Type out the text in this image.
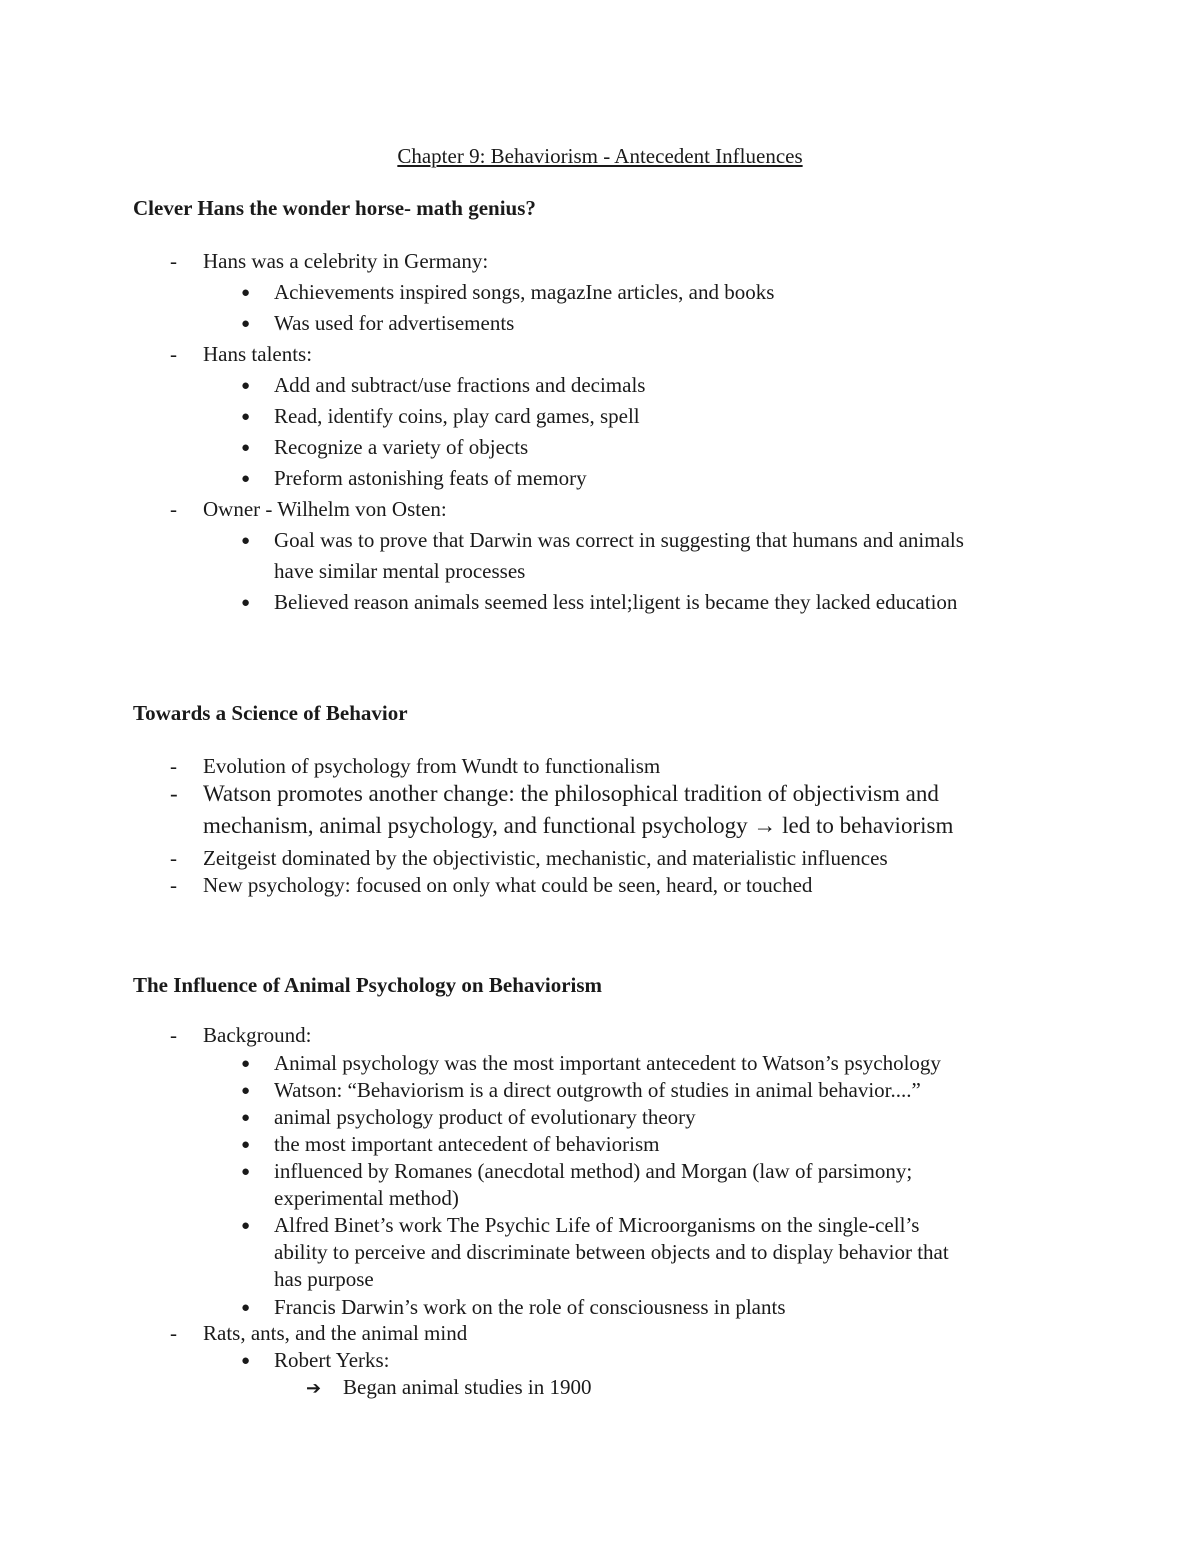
Chapter 9: Behaviorism - Antecedent Influences
Clever Hans the wonder horse- math genius?
- Hans was a celebrity in Germany:
● Achievements inspired songs, magazIne articles, and books
● Was used for advertisements
- Hans talents:
● Add and subtract/use fractions and decimals
● Read, identify coins, play card games, spell
● Recognize a variety of objects
● Preform astonishing feats of memory
- Owner - Wilhelm von Osten:
● Goal was to prove that Darwin was correct in suggesting that humans and animals
have similar mental processes
● Believed reason animals seemed less intel;ligent is became they lacked education
Towards a Science of Behavior
- Evolution of psychology from Wundt to functionalism
- Watson promotes another change: the philosophical tradition of objectivism and
mechanism, animal psychology, and functional psychology → led to behaviorism
- Zeitgeist dominated by the objectivistic, mechanistic, and materialistic influences
- New psychology: focused on only what could be seen, heard, or touched
The Influence of Animal Psychology on Behaviorism
- Background:
● Animal psychology was the most important antecedent to Watson’s psychology
● Watson: “Behaviorism is a direct outgrowth of studies in animal behavior....”
● animal psychology product of evolutionary theory
● the most important antecedent of behaviorism
● influenced by Romanes (anecdotal method) and Morgan (law of parsimony;
experimental method)
● Alfred Binet’s work The Psychic Life of Microorganisms on the single-cell’s
ability to perceive and discriminate between objects and to display behavior that
has purpose
● Francis Darwin’s work on the role of consciousness in plants
- Rats, ants, and the animal mind
● Robert Yerks:
➔ Began animal studies in 1900
